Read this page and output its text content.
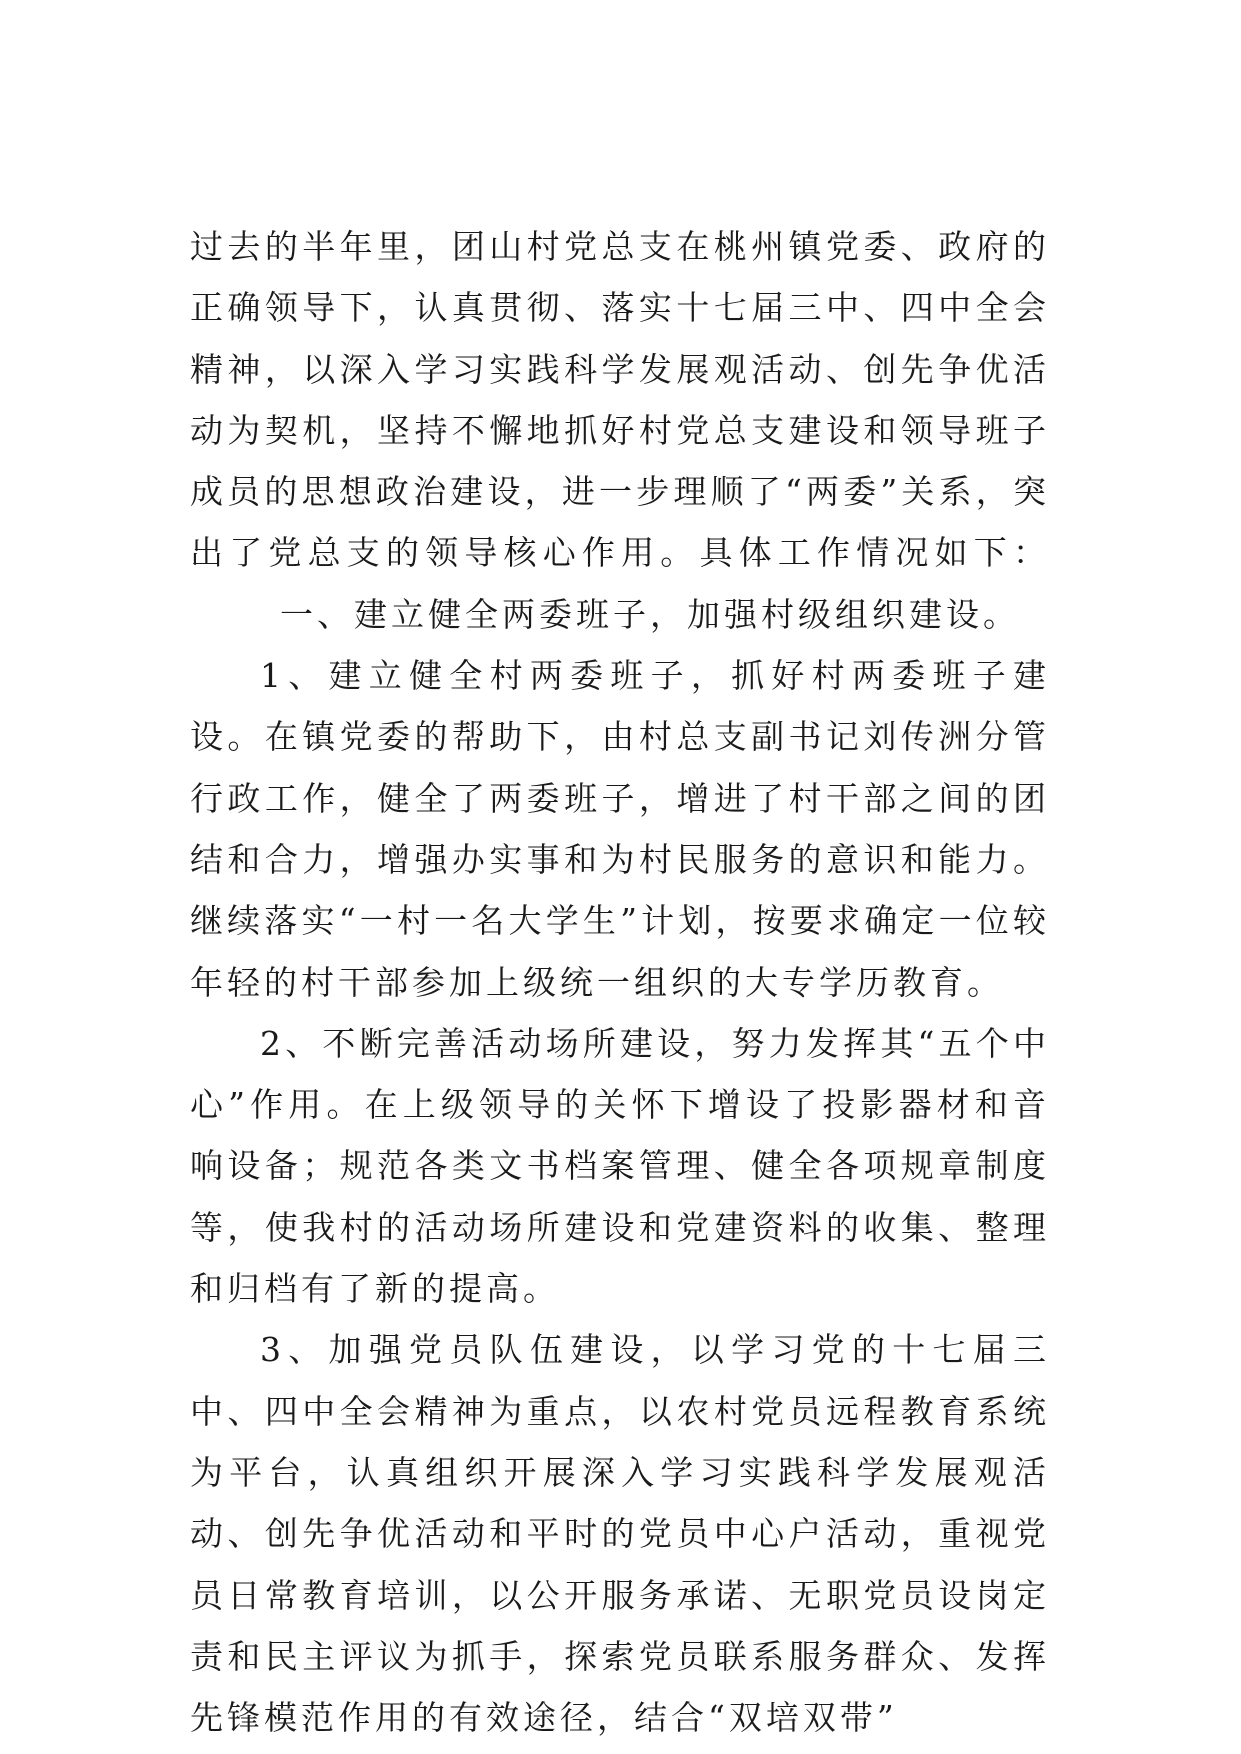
过去的半年里，团山村党总支在桃州镇党委、政府的正确领导下，认真贯彻、落实十七届三中、四中全会精神，以深入学习实践科学发展观活动、创先争优活动为契机，坚持不懈地抓好村党总支建设和领导班子成员的思想政治建设，进一步理顺了“两委”关系，突出了党总支的领导核心作用。具体工作情况如下：一、建立健全两委班子，加强村级组织建设。

1、建立健全村两委班子，抓好村两委班子建设。在镇党委的帮助下，由村总支副书记刘传洲分管行政工作，健全了两委班子，增进了村干部之间的团结和合力，增强办实事和为村民服务的意识和能力。继续落实“一村一名大学生”计划，按要求确定一位较年轻的村干部参加上级统一组织的大专学历教育。

2、不断完善活动场所建设，努力发挥其“五个中心”作用。在上级领导的关怀下增设了投影器材和音响设备；规范各类文书档案管理、健全各项规章制度等，使我村的活动场所建设和党建资料的收集、整理和归档有了新的提高。

3、加强党员队伍建设，以学习党的十七届三中、四中全会精神为重点，以农村党员远程教育系统为平台，认真组织开展深入学习实践科学发展观活动、创先争优活动和平时的党员中心户活动，重视党员日常教育培训，以公开服务承诺、无职党员设岗定责和民主评议为抓手，探索党员联系服务群众、发挥先锋模范作用的有效途径，结合“双培双带”
